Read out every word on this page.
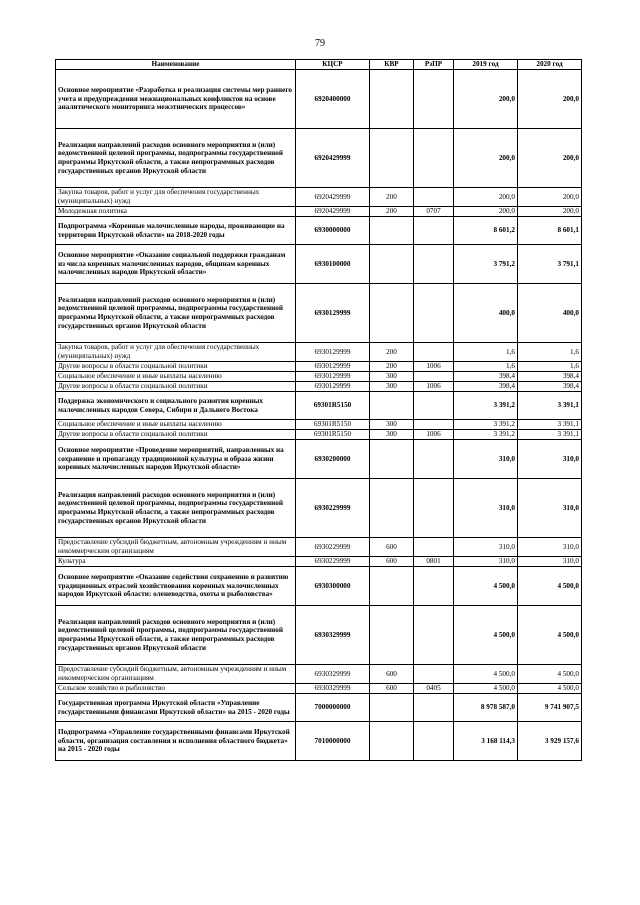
79
Наименование	КЦСР	КВР	РзПР	2019 год	2020 год
Основное мероприятие «Разработка и реализация системы мер раннего учета и предупреждения межнациональных конфликтов на основе аналитического мониторинга межэтнических процессов»	6920400000			200,0	200,0
Реализация направлений расходов основного мероприятия и (или) ведомственной целевой программы, подпрограммы государственной программы Иркутской области, а также непрограммных расходов государственных органов Иркутской области	6920429999			200,0	200,0
Закупка товаров, работ и услуг для обеспечения государственных (муниципальных) нужд	6920429999	200		200,0	200,0
Молодежная политика	6920429999	200	0707	200,0	200,0
Подпрограмма «Коренные малочисленные народы, проживающие на территории Иркутской области» на 2018-2020 годы	6930000000			8 601,2	8 601,1
Основное мероприятие «Оказание социальной поддержки гражданам из числа коренных малочисленных народов, общинам коренных малочисленных народов Иркутской области»	6930100000			3 791,2	3 791,1
Реализация направлений расходов основного мероприятия и (или) ведомственной целевой программы, подпрограммы государственной программы Иркутской области, а также непрограммных расходов государственных органов Иркутской области	6930129999			400,0	400,0
Закупка товаров, работ и услуг для обеспечения государственных (муниципальных) нужд	6930129999	200		1,6	1,6
Другие вопросы в области социальной политики	6930129999	200	1006	1,6	1,6
Социальное обеспечение и иные выплаты населению	6930129999	300		398,4	398,4
Другие вопросы в области социальной политики	6930129999	300	1006	398,4	398,4
Поддержка экономического и социального развития коренных малочисленных народов Севера, Сибири и Дальнего Востока	69301R5150			3 391,2	3 391,1
Социальное обеспечение и иные выплаты населению	69301R5150	300		3 391,2	3 391,1
Другие вопросы в области социальной политики	69301R5150	300	1006	3 391,2	3 391,1
Основное мероприятие «Проведение мероприятий, направленных на сохранение и пропаганду традиционной культуры и образа жизни коренных малочисленных народов Иркутской области»	6930200000			310,0	310,0
Реализация направлений расходов основного мероприятия и (или) ведомственной целевой программы, подпрограммы государственной программы Иркутской области, а также непрограммных расходов государственных органов Иркутской области	6930229999			310,0	310,0
Предоставление субсидий бюджетным, автономным учреждениям и иным некоммерческим организациям	6930229999	600		310,0	310,0
Культура	6930229999	600	0801	310,0	310,0
Основное мероприятие «Оказание содействия сохранению и развитию традиционных отраслей хозяйствования коренных малочисленных народов Иркутской области: оленеводства, охоты и рыболовства»	6930300000			4 500,0	4 500,0
Реализация направлений расходов основного мероприятия и (или) ведомственной целевой программы, подпрограммы государственной программы Иркутской области, а также непрограммных расходов государственных органов Иркутской области	6930329999			4 500,0	4 500,0
Предоставление субсидий бюджетным, автономным учреждениям и иным некоммерческим организациям	6930329999	600		4 500,0	4 500,0
Сельское хозяйство и рыболовство	6930329999	600	0405	4 500,0	4 500,0
Государственная программа Иркутской области «Управление государственными финансами Иркутской области» на 2015 - 2020 годы	7000000000			8 978 587,0	9 741 907,5
Подпрограмма «Управление государственными финансами Иркутской области, организация составления и исполнения областного бюджета» на 2015 - 2020 годы	7010000000			3 168 114,3	3 929 157,6
